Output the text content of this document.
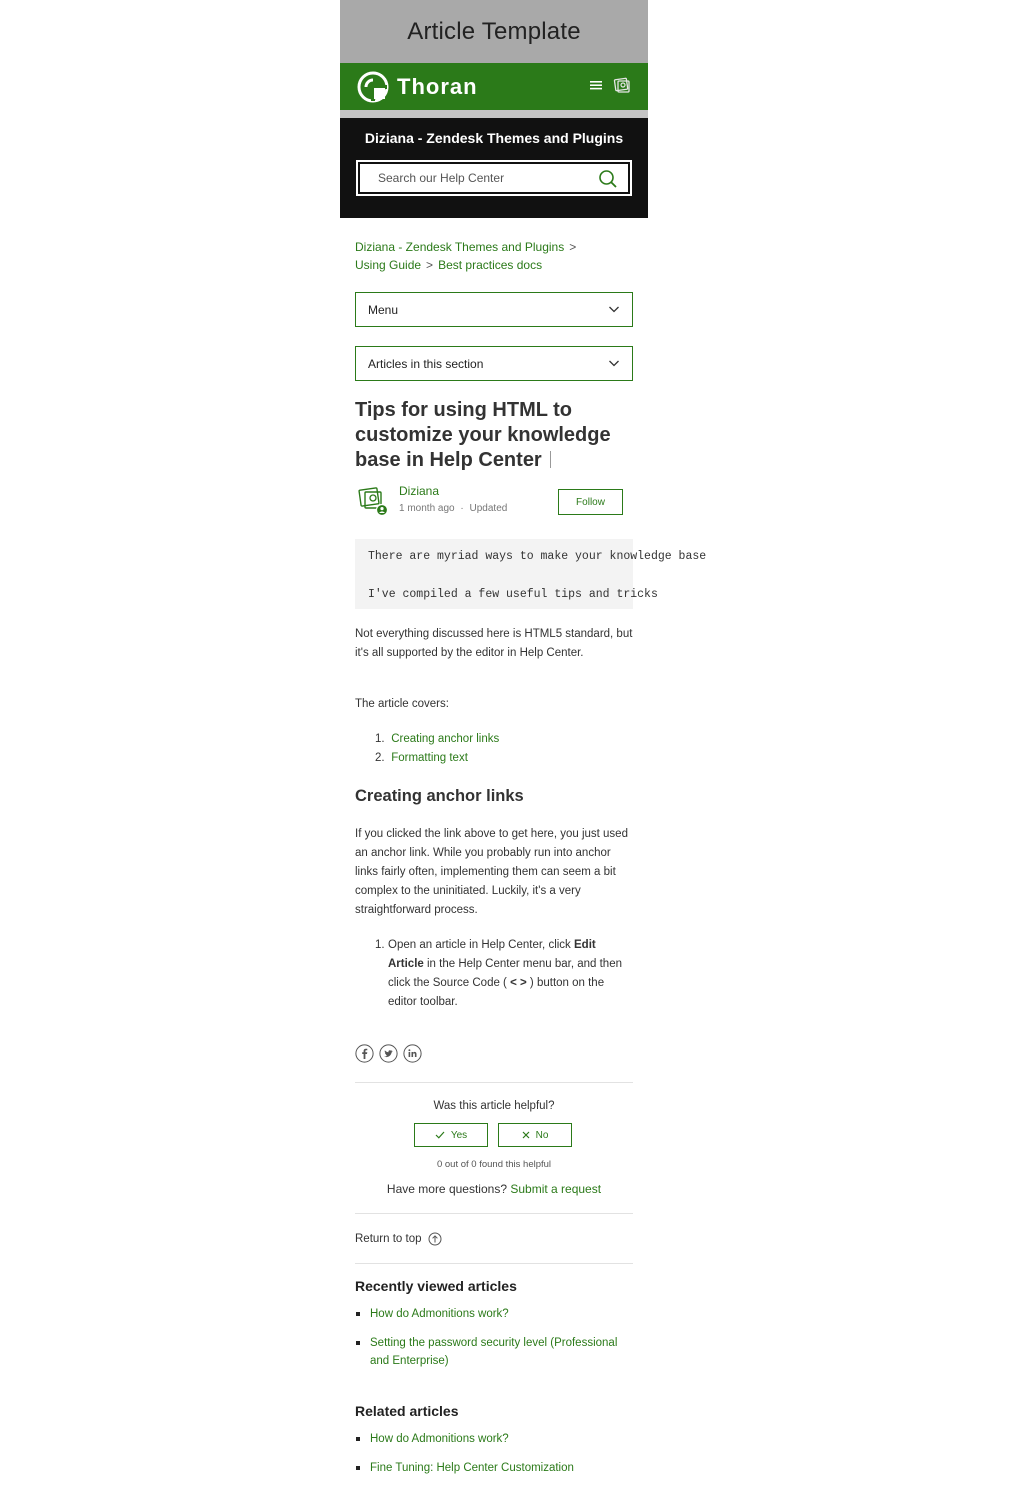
Article Template
Thoran
Diziana - Zendesk Themes and Plugins
Search our Help Center
Diziana - Zendesk Themes and Plugins >
Using Guide > Best practices docs
Menu
Articles in this section
Tips for using HTML to customize your knowledge base in Help Center
Diziana
1 month ago · Updated
Follow
There are myriad ways to make your knowledge base
I've compiled a few useful tips and tricks

Not everything discussed here is HTML5 standard, but it's all supported by the editor in Help Center.

The article covers:

1. Creating anchor links
2. Formatting text
Creating anchor links

If you clicked the link above to get here, you just used an anchor link. While you probably run into anchor links fairly often, implementing them can seem a bit complex to the uninitiated. Luckily, it's a very straightforward process.

1. Open an article in Help Center, click Edit Article in the Help Center menu bar, and then click the Source Code ( < > ) button on the editor toolbar.
Was this article helpful?
Yes	No
0 out of 0 found this helpful
Have more questions? Submit a request
Return to top
Recently viewed articles
How do Admonitions work?
Setting the password security level (Professional and Enterprise)
Related articles
How do Admonitions work?
Fine Tuning: Help Center Customization
